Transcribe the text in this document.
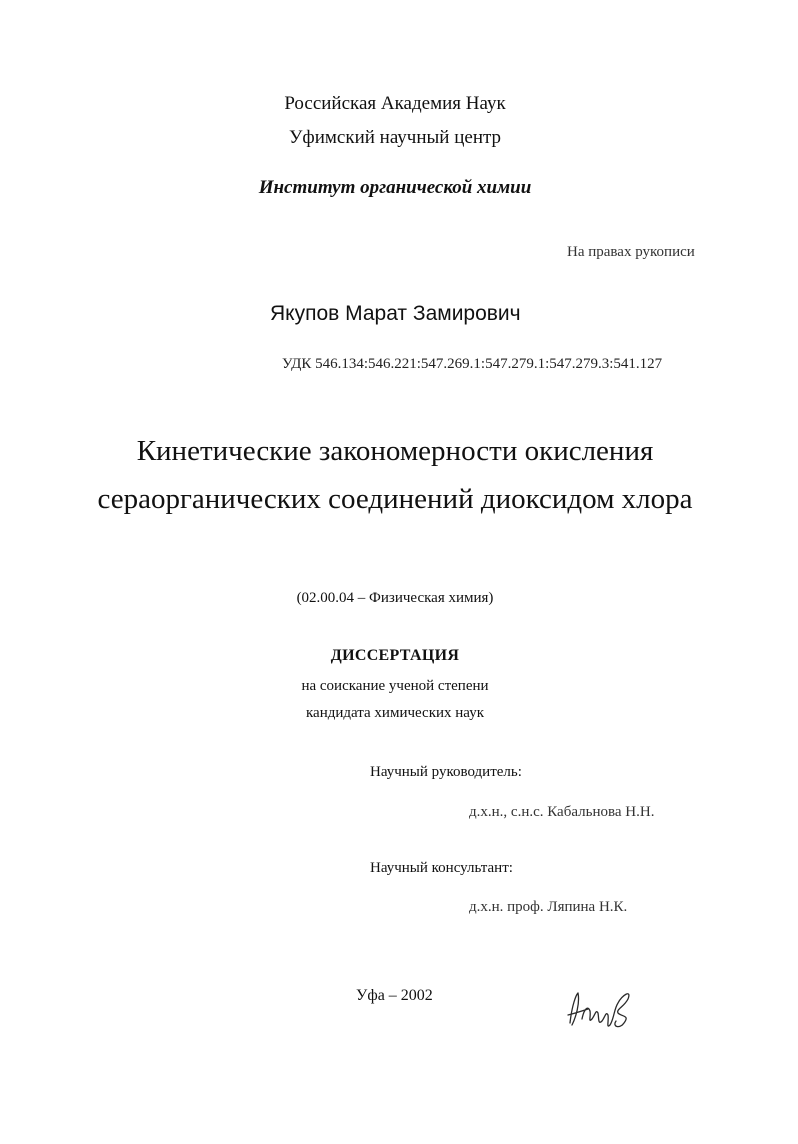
Российская Академия Наук

Уфимский научный центр

Институт органической химии

На правах рукописи

Якупов Марат Замирович

УДК 546.134:546.221:547.269.1:547.279.1:547.279.3:541.127

Кинетические закономерности окисления

сераорганических соединений диоксидом хлора

(02.00.04 – Физическая химия)

ДИССЕРТАЦИЯ

на соискание ученой степени

кандидата химических наук

Научный руководитель:

д.х.н., с.н.с. Кабальнова Н.Н.

Научный консультант:

д.х.н. проф. Ляпина Н.К.

Уфа – 2002
